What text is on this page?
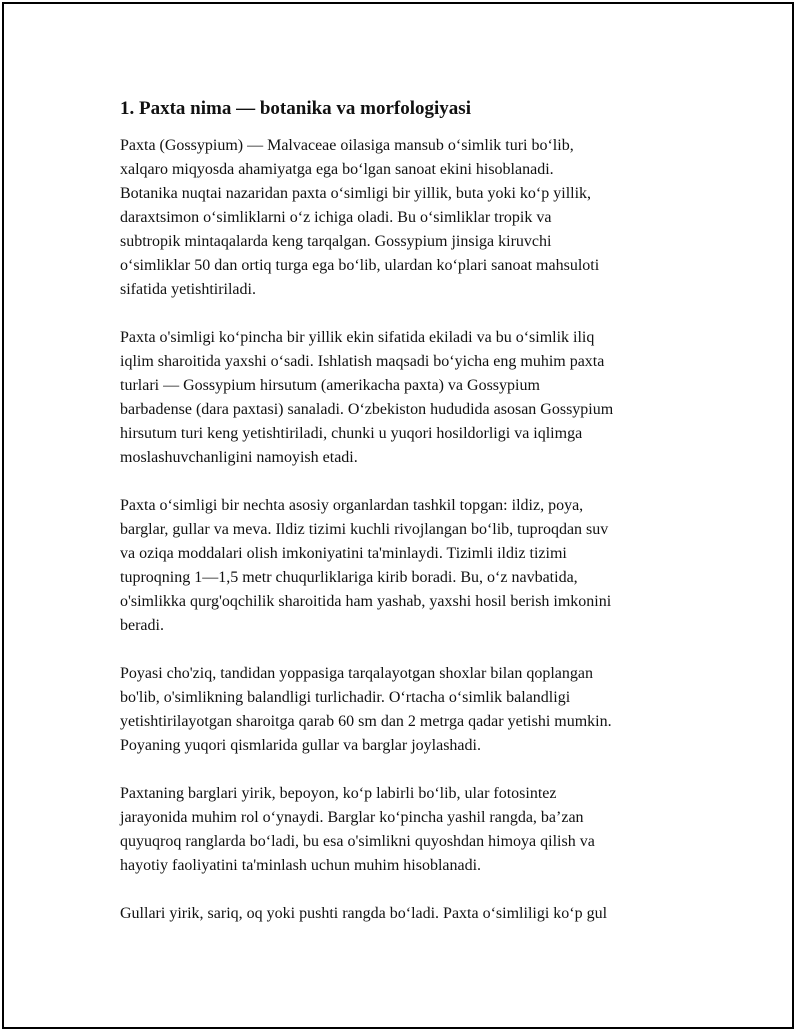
1. Paxta nima — botanika va morfologiyasi

Paxta (Gossypium) — Malvaceae oilasiga mansub oʻsimlik turi boʻlib,
xalqaro miqyosda ahamiyatga ega boʻlgan sanoat ekini hisoblanadi.
Botanika nuqtai nazaridan paxta oʻsimligi bir yillik, buta yoki koʻp yillik,
daraxtsimon oʻsimliklarni oʻz ichiga oladi. Bu oʻsimliklar tropik va
subtropik mintaqalarda keng tarqalgan. Gossypium jinsiga kiruvchi
oʻsimliklar 50 dan ortiq turga ega boʻlib, ulardan koʻplari sanoat mahsuloti
sifatida yetishtiriladi.

Paxta o'simligi koʻpincha bir yillik ekin sifatida ekiladi va bu oʻsimlik iliq
iqlim sharoitida yaxshi oʻsadi. Ishlatish maqsadi boʻyicha eng muhim paxta
turlari — Gossypium hirsutum (amerikacha paxta) va Gossypium
barbadense (dara paxtasi) sanaladi. Oʻzbekiston hududida asosan Gossypium
hirsutum turi keng yetishtiriladi, chunki u yuqori hosildorligi va iqlimga
moslashuvchanligini namoyish etadi.

Paxta oʻsimligi bir nechta asosiy organlardan tashkil topgan: ildiz, poya,
barglar, gullar va meva. Ildiz tizimi kuchli rivojlangan boʻlib, tuproqdan suv
va oziqa moddalari olish imkoniyatini ta'minlaydi. Tizimli ildiz tizimi
tuproqning 1—1,5 metr chuqurliklariga kirib boradi. Bu, oʻz navbatida,
o'simlikka qurg'oqchilik sharoitida ham yashab, yaxshi hosil berish imkonini
beradi.

Poyasi cho'ziq, tandidan yoppasiga tarqalayotgan shoxlar bilan qoplangan
bo'lib, o'simlikning balandligi turlichadir. Oʻrtacha oʻsimlik balandligi
yetishtirilayotgan sharoitga qarab 60 sm dan 2 metrga qadar yetishi mumkin.
Poyaning yuqori qismlarida gullar va barglar joylashadi.

Paxtaning barglari yirik, bepoyon, koʻp labirli boʻlib, ular fotosintez
jarayonida muhim rol oʻynaydi. Barglar koʻpincha yashil rangda, baʼzan
quyuqroq ranglarda boʻladi, bu esa o'simlikni quyoshdan himoya qilish va
hayotiy faoliyatini ta'minlash uchun muhim hisoblanadi.

Gullari yirik, sariq, oq yoki pushti rangda boʻladi. Paxta oʻsimliligi koʻp gul
